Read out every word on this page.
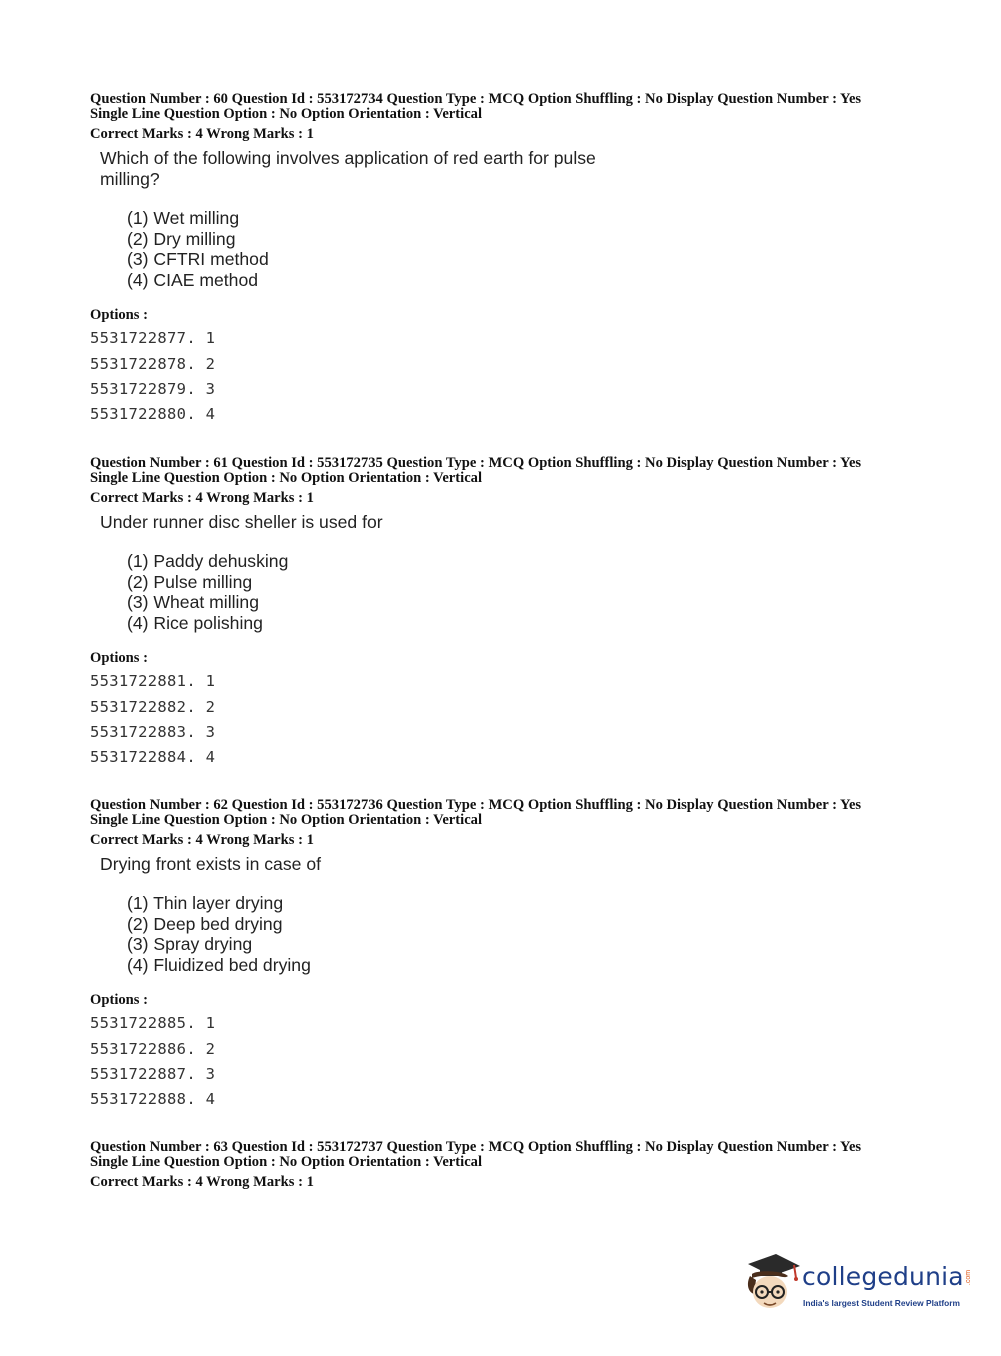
Question Number : 60 Question Id : 553172734 Question Type : MCQ Option Shuffling : No Display Question Number : Yes
Single Line Question Option : No Option Orientation : Vertical
Correct Marks : 4 Wrong Marks : 1
Which of the following involves application of red earth for pulse milling?
(1) Wet milling
(2) Dry milling
(3) CFTRI method
(4) CIAE method
Options :
5531722877. 1
5531722878. 2
5531722879. 3
5531722880. 4
Question Number : 61 Question Id : 553172735 Question Type : MCQ Option Shuffling : No Display Question Number : Yes
Single Line Question Option : No Option Orientation : Vertical
Correct Marks : 4 Wrong Marks : 1
Under runner disc sheller is used for
(1) Paddy dehusking
(2) Pulse milling
(3) Wheat milling
(4) Rice polishing
Options :
5531722881. 1
5531722882. 2
5531722883. 3
5531722884. 4
Question Number : 62 Question Id : 553172736 Question Type : MCQ Option Shuffling : No Display Question Number : Yes
Single Line Question Option : No Option Orientation : Vertical
Correct Marks : 4 Wrong Marks : 1
Drying front exists in case of
(1) Thin layer drying
(2) Deep bed drying
(3) Spray drying
(4) Fluidized bed drying
Options :
5531722885. 1
5531722886. 2
5531722887. 3
5531722888. 4
Question Number : 63 Question Id : 553172737 Question Type : MCQ Option Shuffling : No Display Question Number : Yes
Single Line Question Option : No Option Orientation : Vertical
Correct Marks : 4 Wrong Marks : 1
collegedunia .com
India's largest Student Review Platform
